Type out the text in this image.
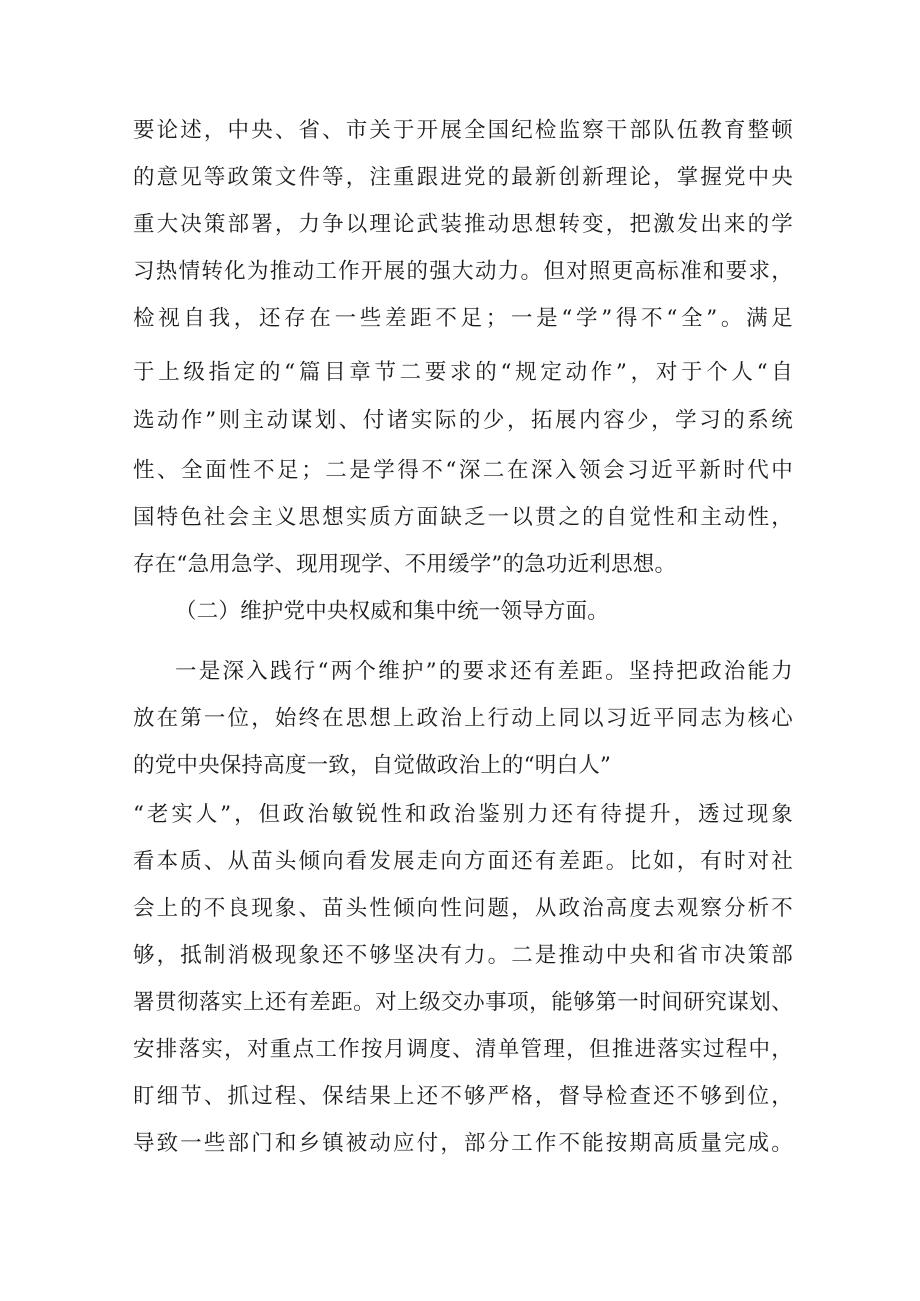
要论述，中央、省、市关于开展全国纪检监察干部队伍教育整顿
的意见等政策文件等，注重跟进党的最新创新理论，掌握党中央
重大决策部署，力争以理论武装推动思想转变，把激发出来的学
习热情转化为推动工作开展的强大动力。但对照更高标准和要求，
检视自我，还存在一些差距不足；一是“学”得不“全”。满足
于上级指定的“篇目章节二要求的“规定动作”，对于个人“自
选动作”则主动谋划、付诸实际的少，拓展内容少，学习的系统
性、全面性不足；二是学得不“深二在深入领会习近平新时代中
国特色社会主义思想实质方面缺乏一以贯之的自觉性和主动性，
存在“急用急学、现用现学、不用缓学”的急功近利思想。
（二）维护党中央权威和集中统一领导方面。
一是深入践行“两个维护”的要求还有差距。坚持把政治能力
放在第一位，始终在思想上政治上行动上同以习近平同志为核心
的党中央保持高度一致，自觉做政治上的“明白人”
“老实人”，但政治敏锐性和政治鉴别力还有待提升，透过现象
看本质、从苗头倾向看发展走向方面还有差距。比如，有时对社
会上的不良现象、苗头性倾向性问题，从政治高度去观察分析不
够，抵制消极现象还不够坚决有力。二是推动中央和省市决策部
署贯彻落实上还有差距。对上级交办事项，能够第一时间研究谋划、
安排落实，对重点工作按月调度、清单管理，但推进落实过程中，
盯细节、抓过程、保结果上还不够严格，督导检查还不够到位，
导致一些部门和乡镇被动应付，部分工作不能按期高质量完成。
